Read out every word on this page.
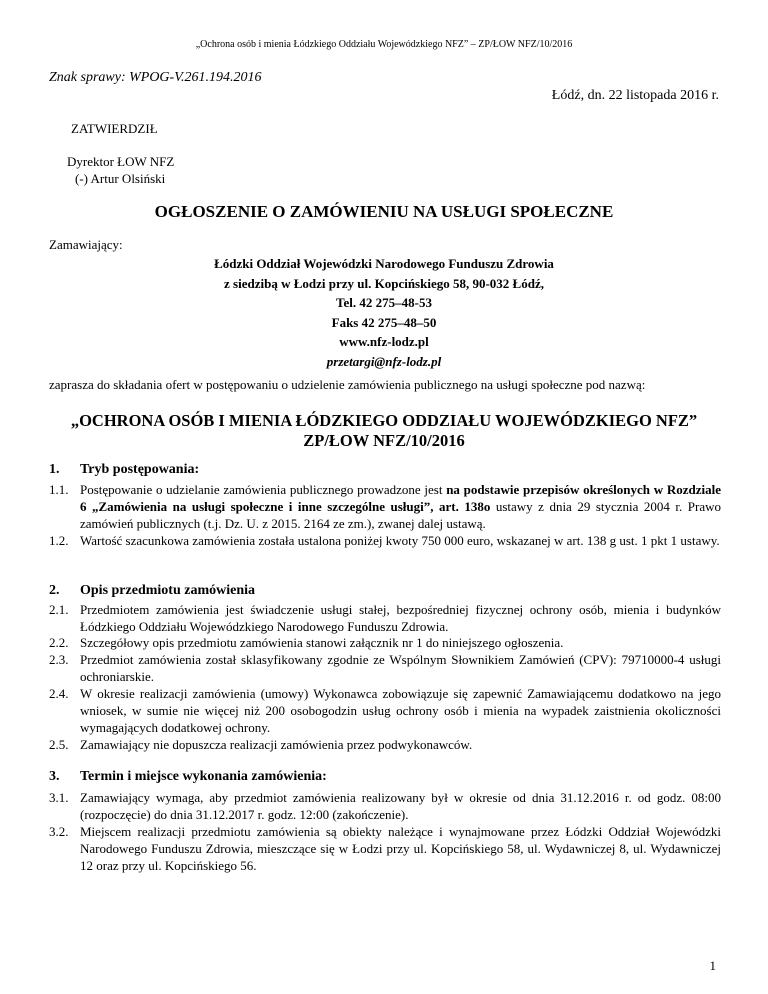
„Ochrona osób i mienia Łódzkiego Oddziału Wojewódzkiego NFZ” – ZP/ŁOW NFZ/10/2016
Znak sprawy: WPOG-V.261.194.2016
Łódź, dn. 22 listopada 2016 r.
ZATWIERDZIŁ
Dyrektor ŁOW NFZ
(-) Artur Olsiński
OGŁOSZENIE O ZAMÓWIENIU NA USŁUGI SPOŁECZNE
Zamawiający:
Łódzki Oddział Wojewódzki Narodowego Funduszu Zdrowia
z siedzibą w Łodzi przy ul. Kopcińskiego 58, 90-032 Łódź,
Tel. 42 275–48-53
Faks 42 275–48–50
www.nfz-lodz.pl
przetargi@nfz-lodz.pl
zaprasza do składania ofert w postępowaniu o udzielenie zamówienia publicznego na usługi społeczne pod nazwą:
„OCHRONA OSÓB I MIENIA ŁÓDZKIEGO ODDZIAŁU WOJEWÓDZKIEGO NFZ”
ZP/ŁOW NFZ/10/2016
1. Tryb postępowania:
1.1. Postępowanie o udzielanie zamówienia publicznego prowadzone jest na podstawie przepisów określonych w Rozdziale 6 „Zamówienia na usługi społeczne i inne szczególne usługi”, art. 138o ustawy z dnia 29 stycznia 2004 r. Prawo zamówień publicznych (t.j. Dz. U. z 2015. 2164 ze zm.), zwanej dalej ustawą.
1.2. Wartość szacunkowa zamówienia została ustalona poniżej kwoty 750 000 euro, wskazanej w art. 138 g ust. 1 pkt 1 ustawy.
2. Opis przedmiotu zamówienia
2.1. Przedmiotem zamówienia jest świadczenie usługi stałej, bezpośredniej fizycznej ochrony osób, mienia i budynków Łódzkiego Oddziału Wojewódzkiego Narodowego Funduszu Zdrowia.
2.2. Szczegółowy opis przedmiotu zamówienia stanowi załącznik nr 1 do niniejszego ogłoszenia.
2.3. Przedmiot zamówienia został sklasyfikowany zgodnie ze Wspólnym Słownikiem Zamówień (CPV): 79710000-4 usługi ochroniarskie.
2.4. W okresie realizacji zamówienia (umowy) Wykonawca zobowiązuje się zapewnić Zamawiającemu dodatkowo na jego wniosek, w sumie nie więcej niż 200 osobogodzin usług ochrony osób i mienia na wypadek zaistnienia okoliczności wymagających dodatkowej ochrony.
2.5. Zamawiający nie dopuszcza realizacji zamówienia przez podwykonawców.
3. Termin i miejsce wykonania zamówienia:
3.1. Zamawiający wymaga, aby przedmiot zamówienia realizowany był w okresie od dnia 31.12.2016 r. od godz. 08:00 (rozpoczęcie) do dnia 31.12.2017 r. godz. 12:00 (zakończenie).
3.2. Miejscem realizacji przedmiotu zamówienia są obiekty należące i wynajmowane przez Łódzki Oddział Wojewódzki Narodowego Funduszu Zdrowia, mieszczące się w Łodzi przy ul. Kopcińskiego 58, ul. Wydawniczej 8, ul. Wydawniczej 12 oraz przy ul. Kopcińskiego 56.
1
